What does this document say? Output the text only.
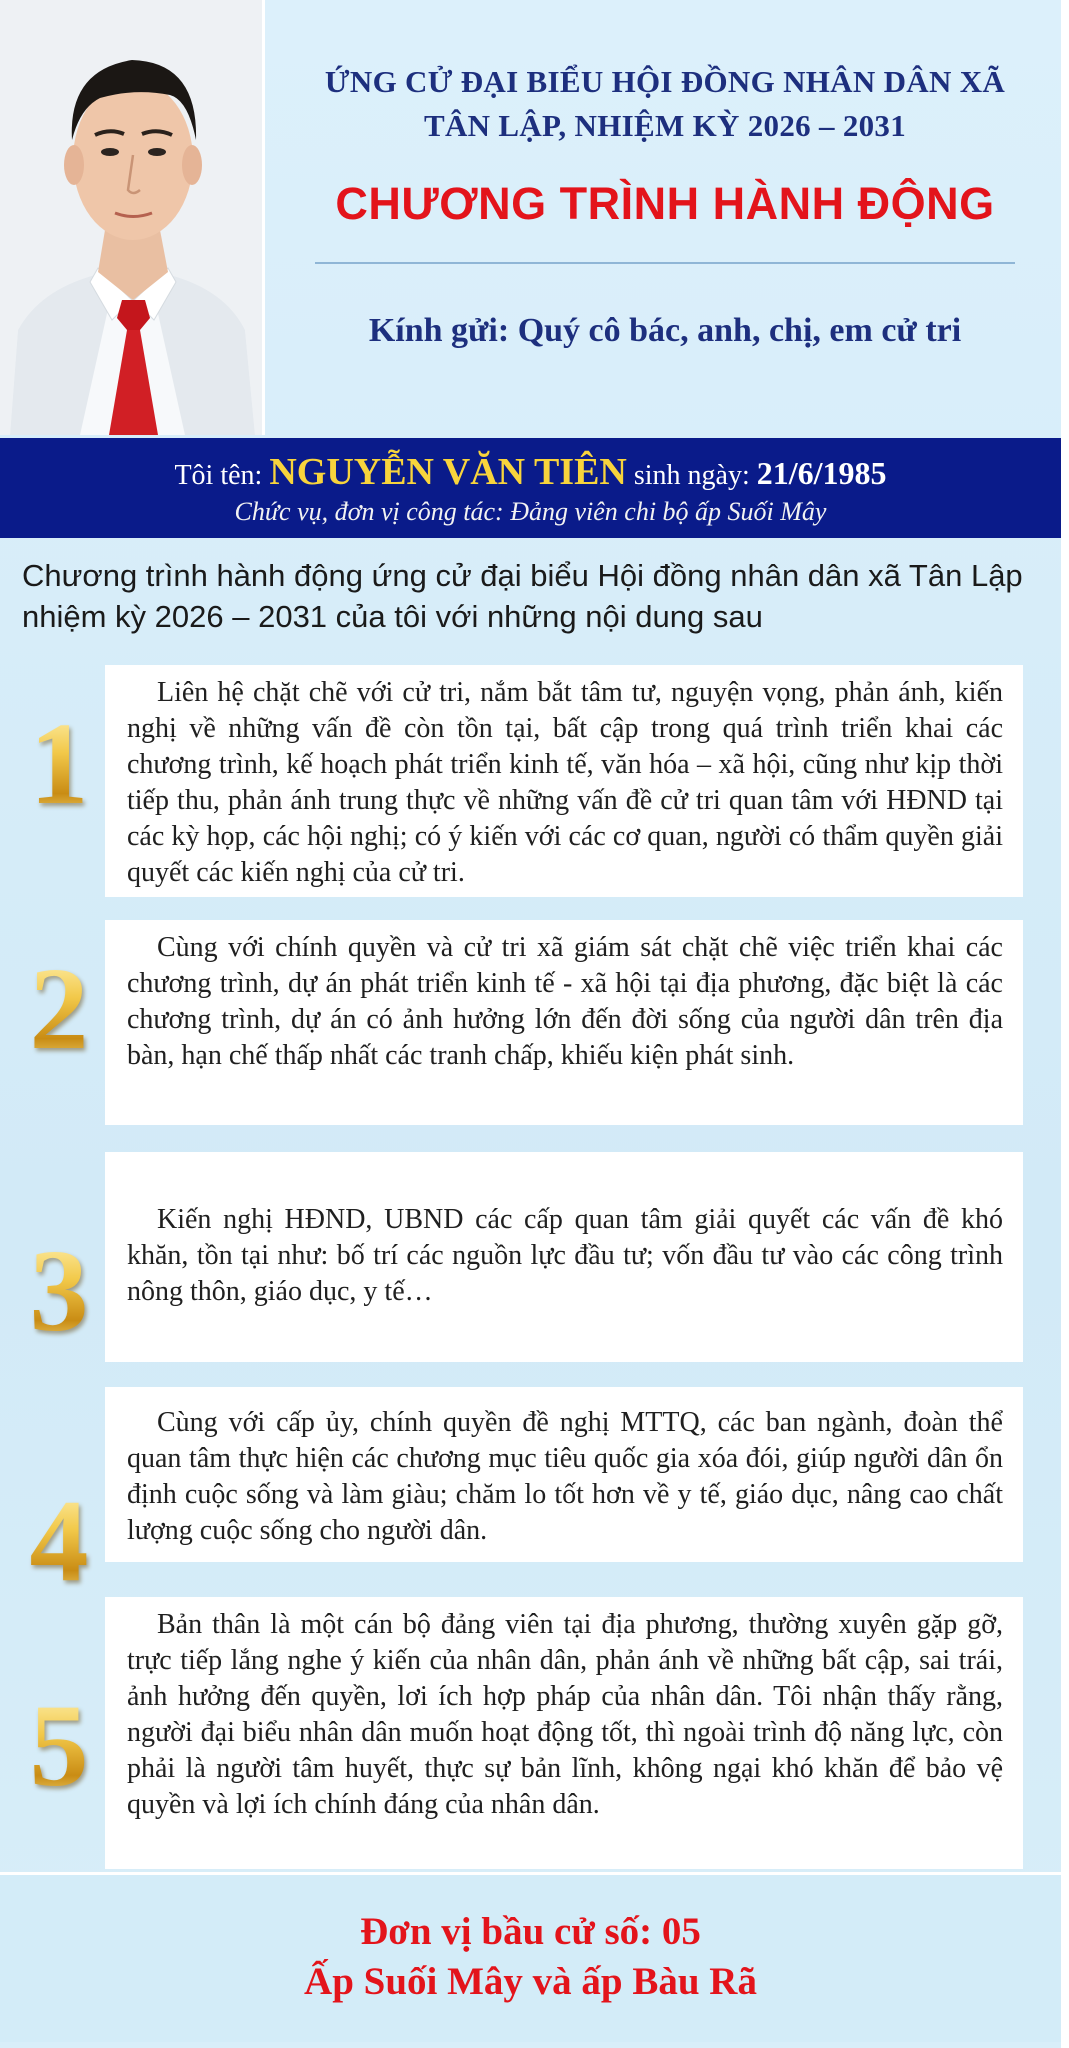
ỨNG CỬ ĐẠI BIỂU HỘI ĐỒNG NHÂN DÂN XÃ
TÂN LẬP, NHIỆM KỲ 2026 – 2031
CHƯƠNG TRÌNH HÀNH ĐỘNG
Kính gửi: Quý cô bác, anh, chị, em cử tri
Tôi tên: NGUYỄN VĂN TIÊN sinh ngày: 21/6/1985
Chức vụ, đơn vị công tác: Đảng viên chi bộ ấp Suối Mây
Chương trình hành động ứng cử đại biểu Hội đồng nhân dân xã Tân Lập nhiệm kỳ 2026 – 2031 của tôi với những nội dung sau
1

Liên hệ chặt chẽ với cử tri, nắm bắt tâm tư, nguyện vọng, phản ánh, kiến nghị về những vấn đề còn tồn tại, bất cập trong quá trình triển khai các chương trình, kế hoạch phát triển kinh tế, văn hóa – xã hội, cũng như kịp thời tiếp thu, phản ánh trung thực về những vấn đề cử tri quan tâm với HĐND tại các kỳ họp, các hội nghị; có ý kiến với các cơ quan, người có thẩm quyền giải quyết các kiến nghị của cử tri.

2	Cùng với chính quyền và cử tri xã giám sát chặt chẽ việc triển khai các chương trình, dự án phát triển kinh tế - xã hội tại địa phương, đặc biệt là các chương trình, dự án có ảnh hưởng lớn đến đời sống của người dân trên địa bàn, hạn chế thấp nhất các tranh chấp, khiếu kiện phát sinh.

3

Kiến nghị HĐND, UBND các cấp quan tâm giải quyết các vấn đề khó khăn, tồn tại như: bố trí các nguồn lực đầu tư; vốn đầu tư vào các công trình nông thôn, giáo dục, y tế…

4

Cùng với cấp ủy, chính quyền đề nghị MTTQ, các ban ngành, đoàn thể quan tâm thực hiện các chương mục tiêu quốc gia xóa đói, giúp người dân ổn định cuộc sống và làm giàu; chăm lo tốt hơn về y tế, giáo dục, nâng cao chất lượng cuộc sống cho người dân.

5

Bản thân là một cán bộ đảng viên tại địa phương, thường xuyên gặp gỡ, trực tiếp lắng nghe ý kiến của nhân dân, phản ánh về những bất cập, sai trái, ảnh hưởng đến quyền, lơi ích hợp pháp của nhân dân. Tôi nhận thấy rằng, người đại biểu nhân dân muốn hoạt động tốt, thì ngoài trình độ năng lực, còn phải là người tâm huyết, thực sự bản lĩnh, không ngại khó khăn để bảo vệ quyền và lợi ích chính đáng của nhân dân.

Đơn vị bầu cử số: 05
Ấp Suối Mây và ấp Bàu Rã
